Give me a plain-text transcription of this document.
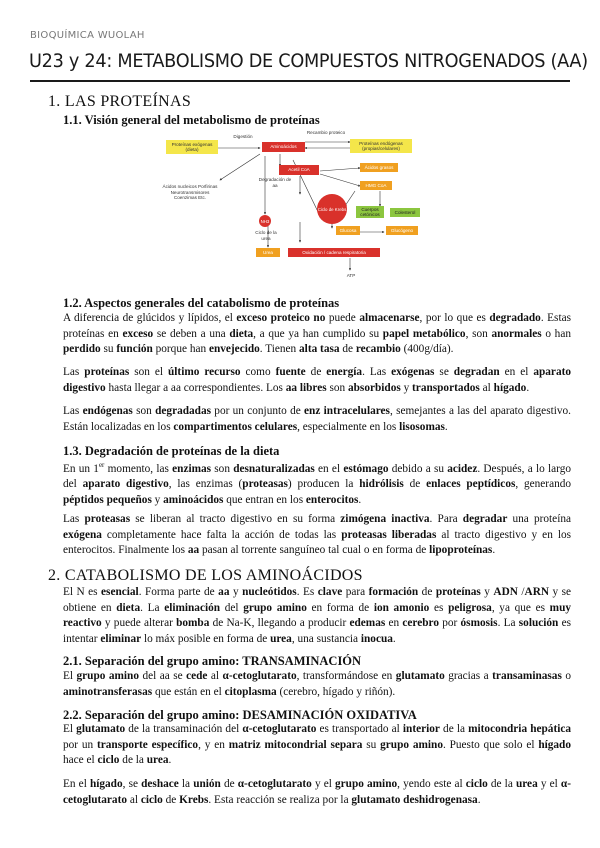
BIOQUÍMICA WUOLAH
U23 y 24: METABOLISMO DE COMPUESTOS NITROGENADOS (AA)
1. LAS PROTEÍNAS
1.1. Visión general del metabolismo de proteínas
Proteínas exógenas (dieta)
Digestión
Aminoácidos
Recambio proteico
Proteínas endógenas (propias/celulares)
Acetil CoA	Ácidos grasos
HMG CoA
Ácidos nucleicos Porfirinas Neurotransmisores Coenzimas Etc.
Degradación de aa
Ciclo de Krebs	Cuerpos cetónicos	Colesterol
Glucosa	Glucógeno
NH3
Ciclo de la urea
Urea	Oxidación / cadena respiratoria
ATP
1.2. Aspectos generales del catabolismo de proteínas
A diferencia de glúcidos y lípidos, el exceso proteico no puede almacenarse, por lo que es degradado. Estas proteínas en exceso se deben a una dieta, a que ya han cumplido su papel metabólico, son anormales o han perdido su función porque han envejecido. Tienen alta tasa de recambio (400g/día).
Las proteínas son el último recurso como fuente de energía. Las exógenas se degradan en el aparato digestivo hasta llegar a aa correspondientes. Los aa libres son absorbidos y transportados al hígado.
Las endógenas son degradadas por un conjunto de enz intracelulares, semejantes a las del aparato digestivo. Están localizadas en los compartimentos celulares, especialmente en los lisosomas.
1.3. Degradación de proteínas de la dieta
En un 1er momento, las enzimas son desnaturalizadas en el estómago debido a su acidez. Después, a lo largo del aparato digestivo, las enzimas (proteasas) producen la hidrólisis de enlaces peptídicos, generando péptidos pequeños y aminoácidos que entran en los enterocitos.
Las proteasas se liberan al tracto digestivo en su forma zimógena inactiva. Para degradar una proteína exógena completamente hace falta la acción de todas las proteasas liberadas al tracto digestivo y en los enterocitos. Finalmente los aa pasan al torrente sanguíneo tal cual o en forma de lipoproteínas.
2. CATABOLISMO DE LOS AMINOÁCIDOS
El N es esencial. Forma parte de aa y nucleótidos. Es clave para formación de proteínas y ADN /ARN y se obtiene en dieta. La eliminación del grupo amino en forma de ion amonio es peligrosa, ya que es muy reactivo y puede alterar bomba de Na-K, llegando a producir edemas en cerebro por ósmosis. La solución es intentar eliminar lo máx posible en forma de urea, una sustancia inocua.
2.1. Separación del grupo amino: TRANSAMINACIÓN
El grupo amino del aa se cede al α-cetoglutarato, transformándose en glutamato gracias a transaminasas o aminotransferasas que están en el citoplasma (cerebro, hígado y riñón).
2.2. Separación del grupo amino: DESAMINACIÓN OXIDATIVA
El glutamato de la transaminación del α-cetoglutarato es transportado al interior de la mitocondria hepática por un transporte específico, y en matriz mitocondrial separa su grupo amino. Puesto que solo el hígado hace el ciclo de la urea.
En el hígado, se deshace la unión de α-cetoglutarato y el grupo amino, yendo este al ciclo de la urea y el α-cetoglutarato al ciclo de Krebs. Esta reacción se realiza por la glutamato deshidrogenasa.
